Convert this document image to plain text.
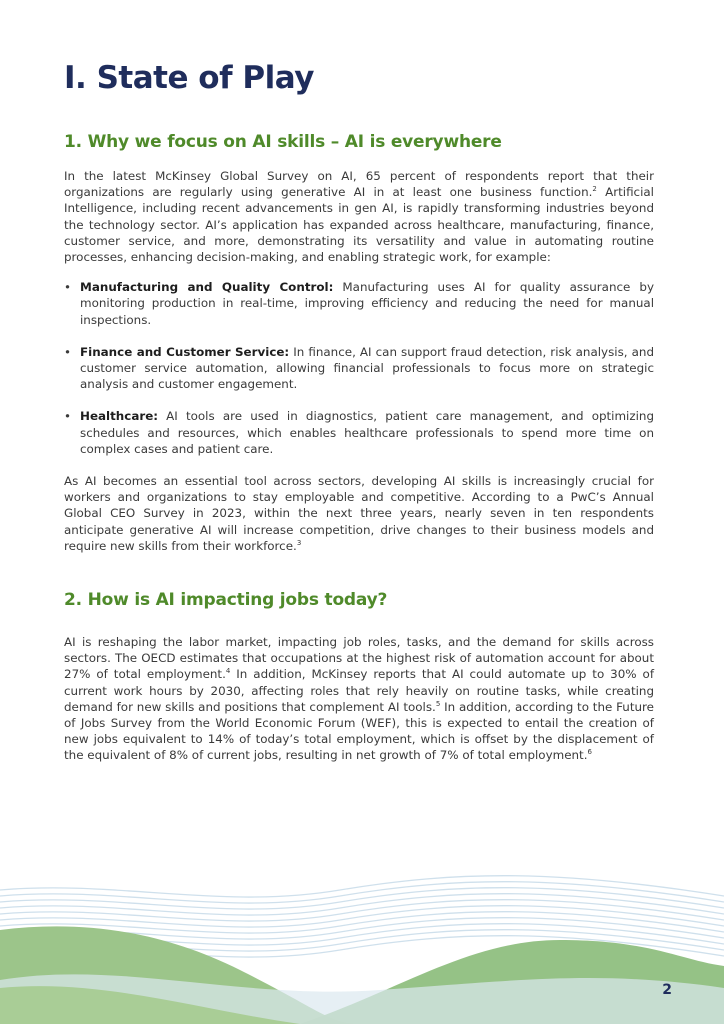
I. State of Play
1. Why we focus on AI skills – AI is everywhere

In the latest McKinsey Global Survey on AI, 65 percent of respondents report that their organizations are regularly using generative AI in at least one business function.$^2$ Artificial Intelligence, including recent advancements in gen AI, is rapidly transforming industries beyond the technology sector. AI’s application has expanded across healthcare, manufacturing, finance, customer service, and more, demonstrating its versatility and value in automating routine processes, enhancing decision-making, and enabling strategic work, for example:

• Manufacturing and Quality Control: Manufacturing uses AI for quality assurance by monitoring production in real-time, improving efficiency and reducing the need for manual inspections.
• Finance and Customer Service: In finance, AI can support fraud detection, risk analysis, and customer service automation, allowing financial professionals to focus more on strategic analysis and customer engagement.
• Healthcare: AI tools are used in diagnostics, patient care management, and optimizing schedules and resources, which enables healthcare professionals to spend more time on complex cases and patient care.

As AI becomes an essential tool across sectors, developing AI skills is increasingly crucial for workers and organizations to stay employable and competitive. According to a PwC’s Annual Global CEO Survey in 2023, within the next three years, nearly seven in ten respondents anticipate generative AI will increase competition, drive changes to their business models and require new skills from their workforce.$^3$

2. How is AI impacting jobs today?

AI is reshaping the labor market, impacting job roles, tasks, and the demand for skills across sectors. The OECD estimates that occupations at the highest risk of automation account for about 27% of total employment.$^4$ In addition, McKinsey reports that AI could automate up to 30% of current work hours by 2030, affecting roles that rely heavily on routine tasks, while creating demand for new skills and positions that complement AI tools.$^5$ In addition, according to the Future of Jobs Survey from the World Economic Forum (WEF), this is expected to entail the creation of new jobs equivalent to 14% of today’s total employment, which is offset by the displacement of the equivalent of 8% of current jobs, resulting in net growth of 7% of total employment.$^6$

2
